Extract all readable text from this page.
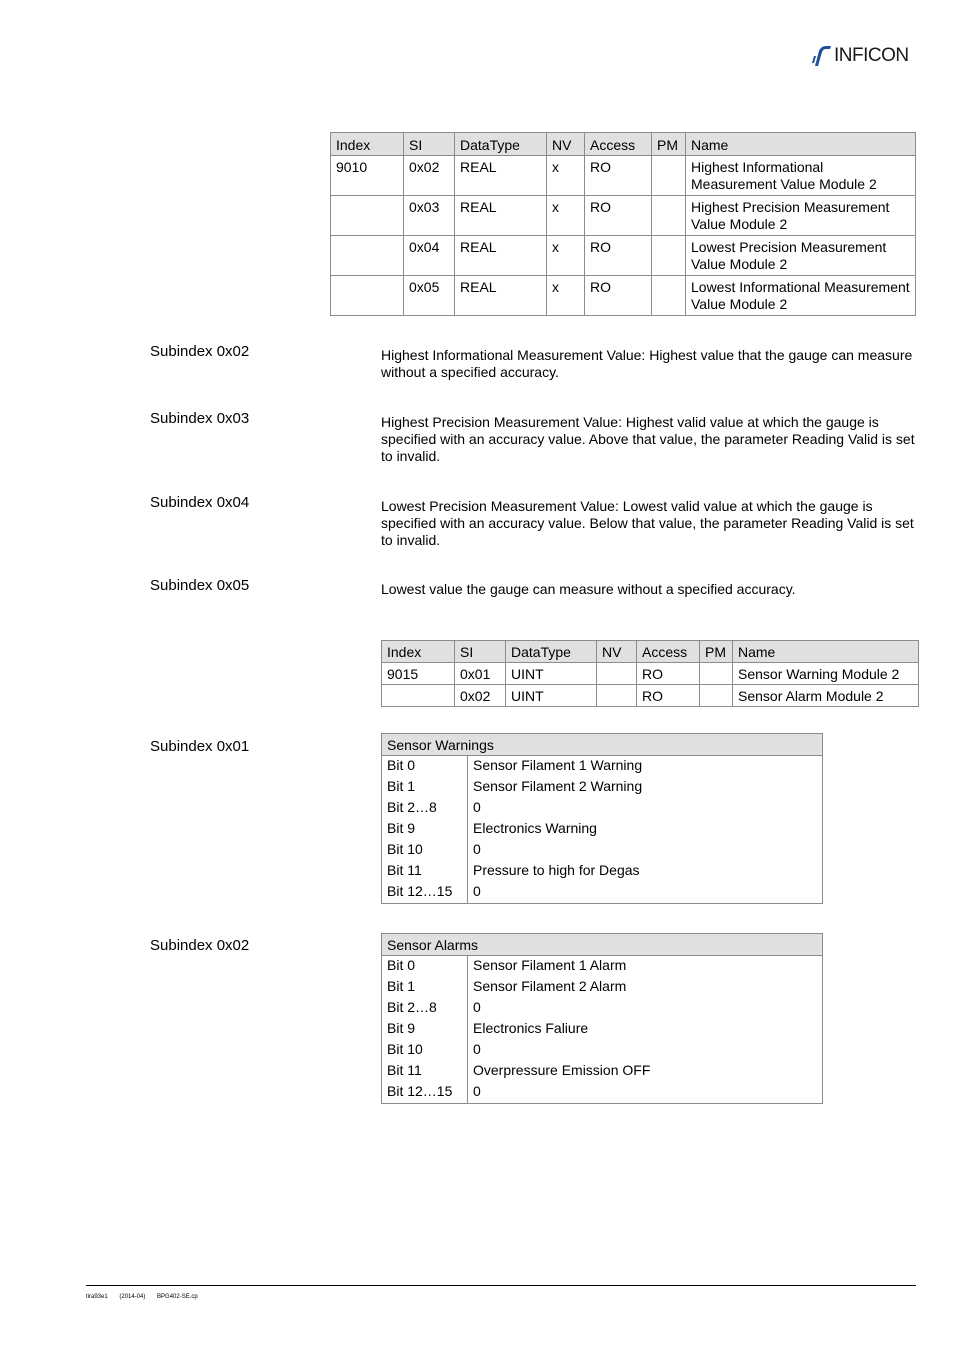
INFICON
Index	SI	DataType	NV	Access	PM	Name
9010	0x02	REAL	x	RO		Highest Informational Measurement Value Module 2
	0x03	REAL	x	RO		Highest Precision Measurement Value Module 2
	0x04	REAL	x	RO		Lowest Precision Measurement Value Module 2
	0x05	REAL	x	RO		Lowest Informational Measurement Value Module 2
Subindex 0x02	Highest Informational Measurement Value: Highest value that the gauge can measure without a specified accuracy.
Subindex 0x03	Highest Precision Measurement Value: Highest valid value at which the gauge is specified with an accuracy value. Above that value, the parameter Reading Valid is set to invalid.
Subindex 0x04	Lowest Precision Measurement Value: Lowest valid value at which the gauge is specified with an accuracy value. Below that value, the parameter Reading Valid is set to invalid.
Subindex 0x05	Lowest value the gauge can measure without a specified accuracy.
Index	SI	DataType	NV	Access	PM	Name
9015	0x01	UINT		RO		Sensor Warning Module 2
	0x02	UINT		RO		Sensor Alarm Module 2
Subindex 0x01	Sensor Warnings	
Bit 0	Sensor Filament 1 Warning
Bit 1	Sensor Filament 2 Warning
Bit 2…8	0
Bit 9	Electronics Warning
Bit 10	0
Bit 11	Pressure to high for Degas
Bit 12…15	0
Subindex 0x02	Sensor Alarms	
Bit 0	Sensor Filament 1 Alarm
Bit 1	Sensor Filament 2 Alarm
Bit 2…8	0
Bit 9	Electronics Faliure
Bit 10	0
Bit 11	Overpressure Emission OFF
Bit 12…15	0
tira93e1 (2014-04) BPG402-SE.cp
